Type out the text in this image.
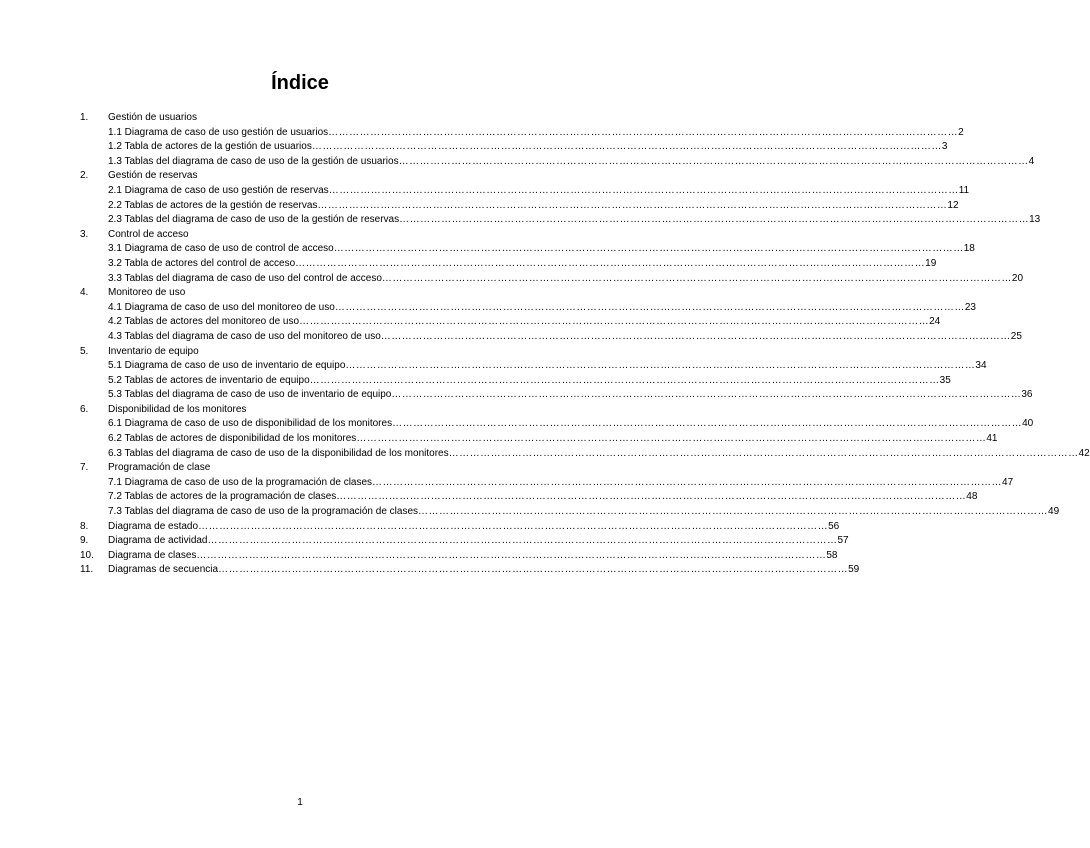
Índice
1. Gestión de usuarios
1.1 Diagrama de caso de uso gestión de usuarios ……………………………………………………………………………………………………………………………………………………………… 2
1.2 Tabla de actores de la gestión de usuarios ……………………………………………………………………………………………………………………………………………………………… 3
1.3 Tablas del diagrama de caso de uso de la gestión de usuarios ……………………………………………………………………………………………………………………………………………………………… 4
2. Gestión de reservas
2.1 Diagrama de caso de uso gestión de reservas ……………………………………………………………………………………………………………………………………………………………… 11
2.2 Tablas de actores de la gestión de reservas ……………………………………………………………………………………………………………………………………………………………… 12
2.3 Tablas del diagrama de caso de uso de la gestión de reservas ……………………………………………………………………………………………………………………………………………………………… 13
3. Control de acceso
3.1 Diagrama de caso de uso de control de acceso ……………………………………………………………………………………………………………………………………………………………… 18
3.2 Tabla de actores del control de acceso ……………………………………………………………………………………………………………………………………………………………… 19
3.3 Tablas del diagrama de caso de uso del control de acceso ……………………………………………………………………………………………………………………………………………………………… 20
4. Monitoreo de uso
4.1 Diagrama de caso de uso del monitoreo de uso ……………………………………………………………………………………………………………………………………………………………… 23
4.2 Tablas de actores del monitoreo de uso ……………………………………………………………………………………………………………………………………………………………… 24
4.3 Tablas del diagrama de caso de uso del monitoreo de uso ……………………………………………………………………………………………………………………………………………………………… 25
5. Inventario de equipo
5.1 Diagrama de caso de uso de inventario de equipo ……………………………………………………………………………………………………………………………………………………………… 34
5.2 Tablas de actores de inventario de equipo ……………………………………………………………………………………………………………………………………………………………… 35
5.3 Tablas del diagrama de caso de uso de inventario de equipo ……………………………………………………………………………………………………………………………………………………………… 36
6. Disponibilidad de los monitores
6.1 Diagrama de caso de uso de disponibilidad de los monitores ……………………………………………………………………………………………………………………………………………………………… 40
6.2 Tablas de actores de disponibilidad de los monitores ……………………………………………………………………………………………………………………………………………………………… 41
6.3 Tablas del diagrama de caso de uso de la disponibilidad de los monitores ……………………………………………………………………………………………………………………………………………………………… 42
7. Programación de clase
7.1 Diagrama de caso de uso de la programación de clases ……………………………………………………………………………………………………………………………………………………………… 47
7.2 Tablas de actores de la programación de clases ……………………………………………………………………………………………………………………………………………………………… 48
7.3 Tablas del diagrama de caso de uso de la programación de clases ……………………………………………………………………………………………………………………………………………………………… 49
8. Diagrama de estado ……………………………………………………………………………………………………………………………………………………………… 56
9. Diagrama de actividad ……………………………………………………………………………………………………………………………………………………………… 57
10. Diagrama de clases ……………………………………………………………………………………………………………………………………………………………… 58
11. Diagramas de secuencia ……………………………………………………………………………………………………………………………………………………………… 59
1
